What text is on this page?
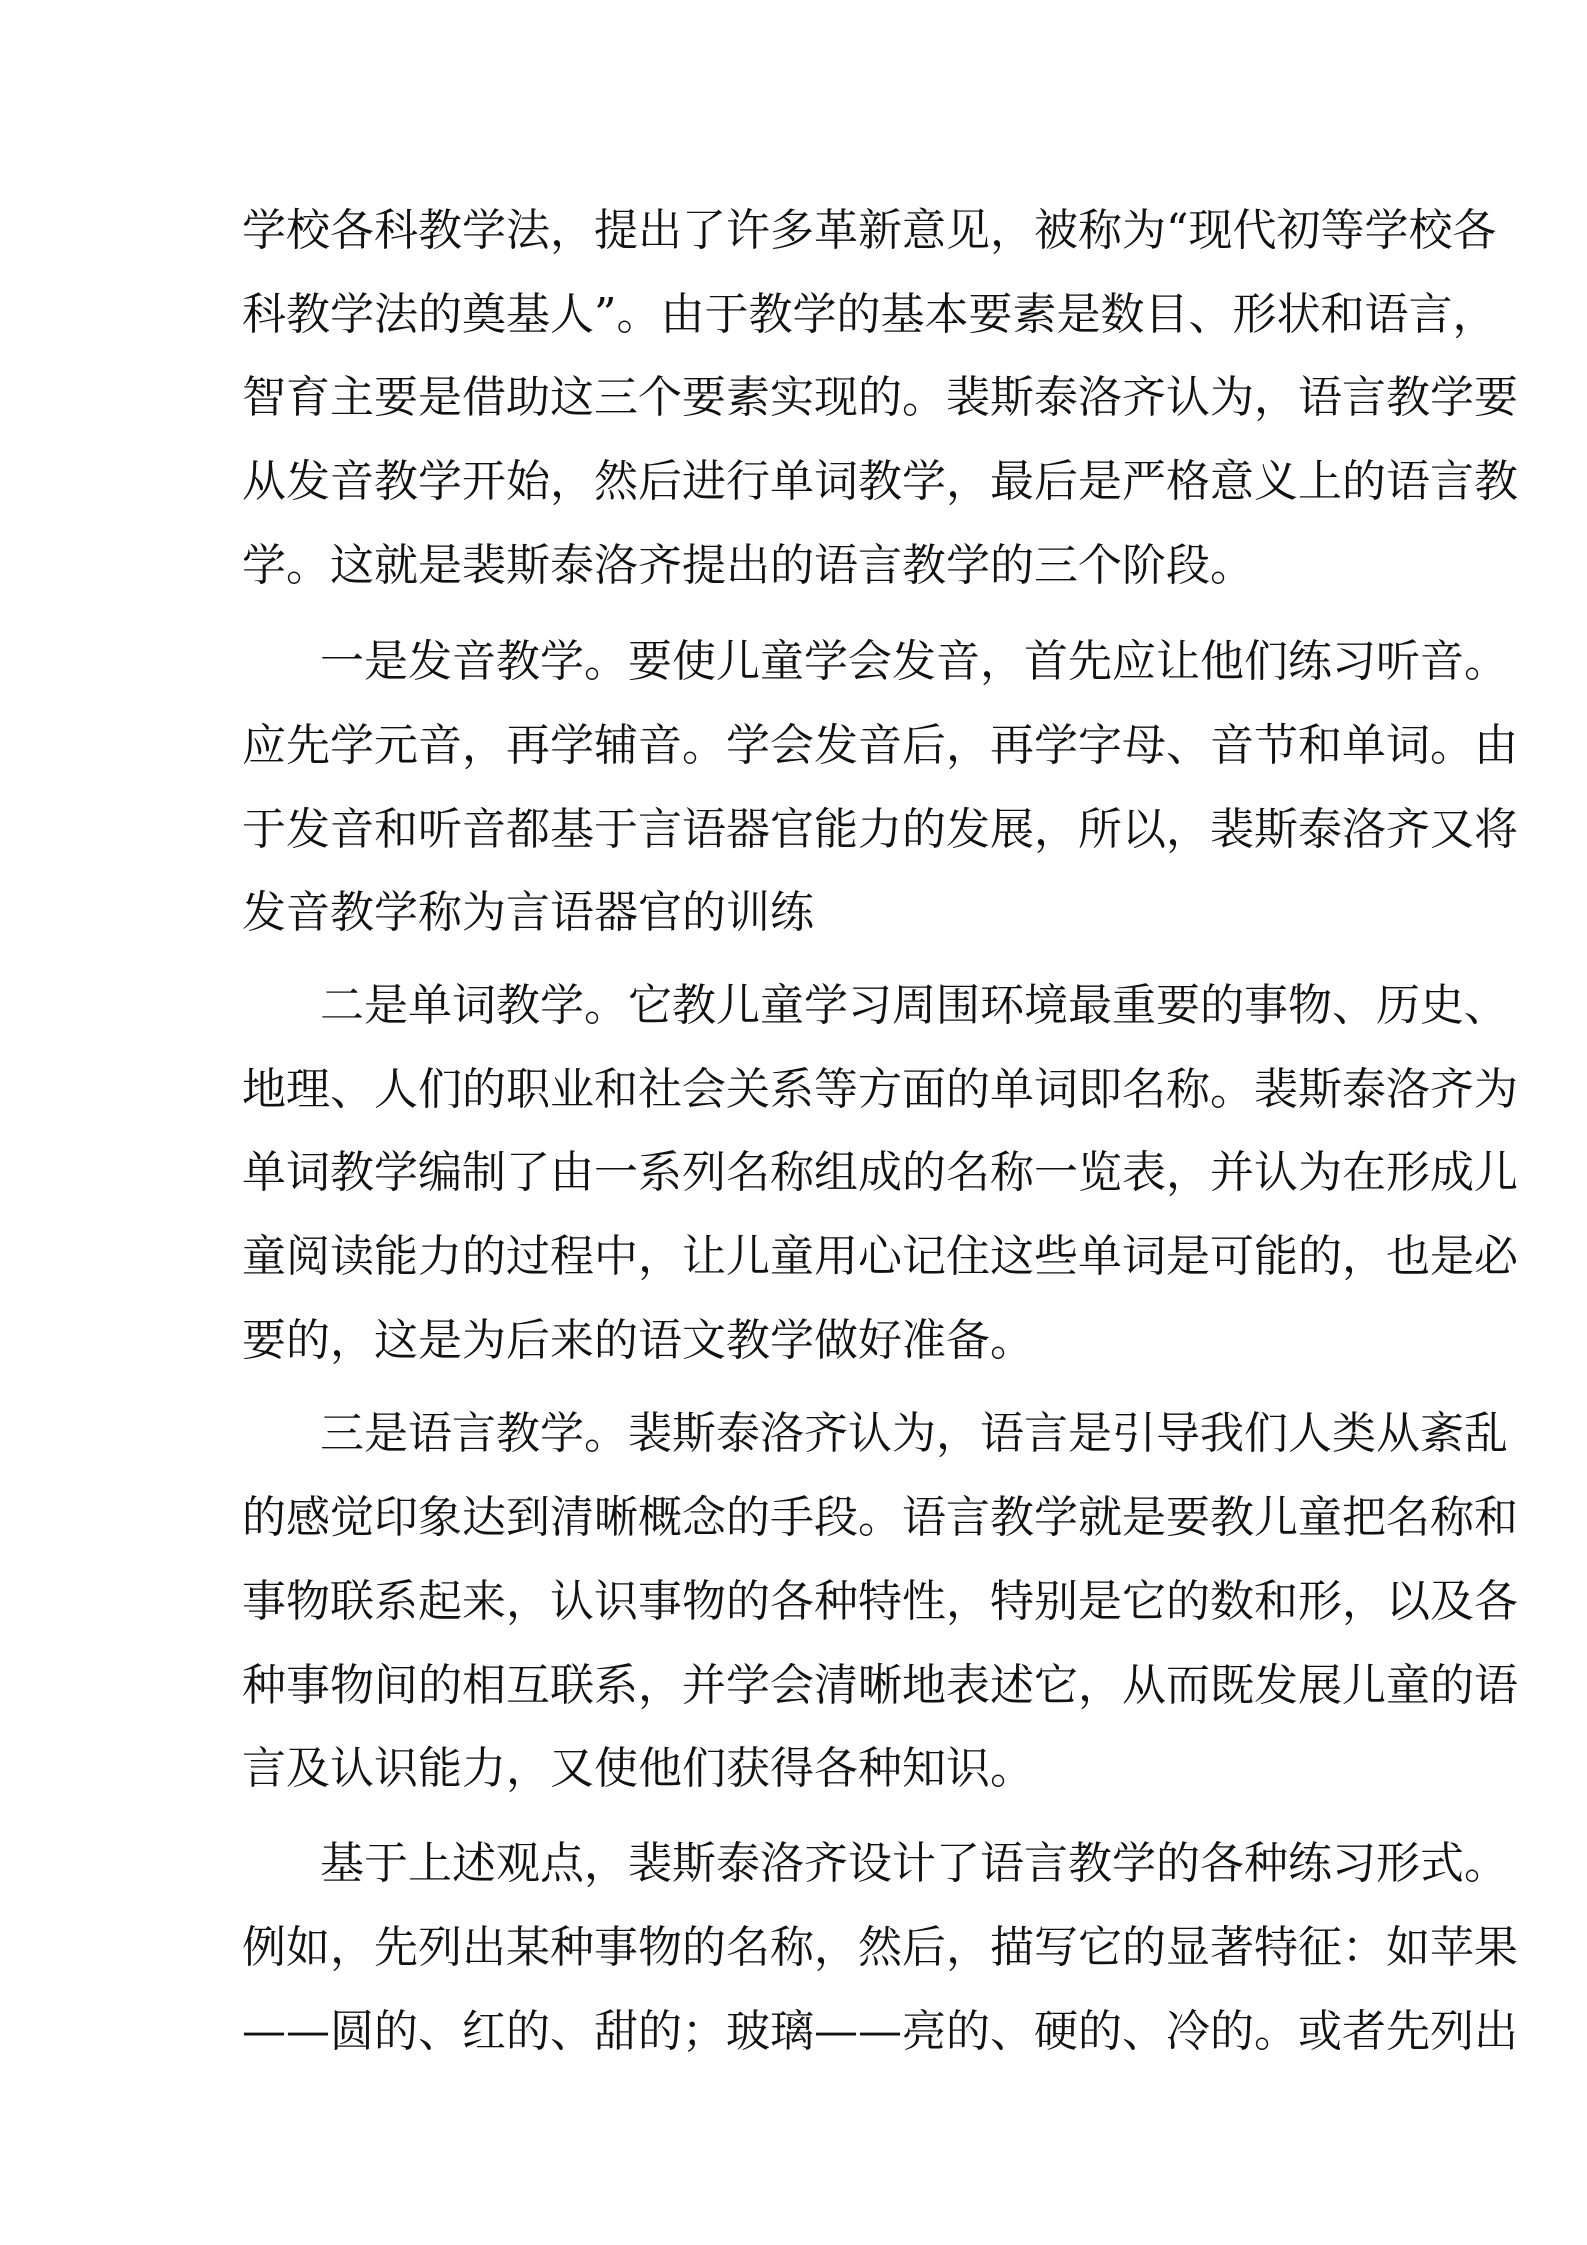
学校各科教学法，提出了许多革新意见，被称为“现代初等学校各
科教学法的奠基人”。由于教学的基本要素是数目、形状和语言，
智育主要是借助这三个要素实现的。裴斯泰洛齐认为，语言教学要
从发音教学开始，然后进行单词教学，最后是严格意义上的语言教
学。这就是裴斯泰洛齐提出的语言教学的三个阶段。
一是发音教学。要使儿童学会发音，首先应让他们练习听音。
应先学元音，再学辅音。学会发音后，再学字母、音节和单词。由
于发音和听音都基于言语器官能力的发展，所以，裴斯泰洛齐又将
发音教学称为言语器官的训练
二是单词教学。它教儿童学习周围环境最重要的事物、历史、
地理、人们的职业和社会关系等方面的单词即名称。裴斯泰洛齐为
单词教学编制了由一系列名称组成的名称一览表，并认为在形成儿
童阅读能力的过程中，让儿童用心记住这些单词是可能的，也是必
要的，这是为后来的语文教学做好准备。
三是语言教学。裴斯泰洛齐认为，语言是引导我们人类从紊乱
的感觉印象达到清晰概念的手段。语言教学就是要教儿童把名称和
事物联系起来，认识事物的各种特性，特别是它的数和形，以及各
种事物间的相互联系，并学会清晰地表述它，从而既发展儿童的语
言及认识能力，又使他们获得各种知识。
基于上述观点，裴斯泰洛齐设计了语言教学的各种练习形式。
例如，先列出某种事物的名称，然后，描写它的显著特征：如苹果
——圆的、红的、甜的；玻璃——亮的、硬的、冷的。或者先列出
